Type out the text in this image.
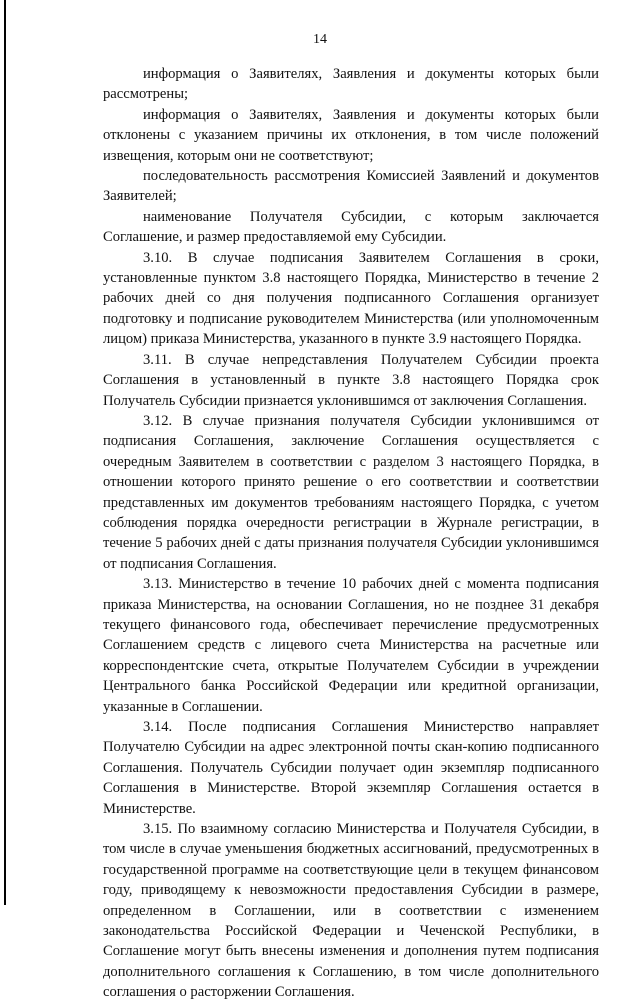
14

информация о Заявителях, Заявления и документы которых были рассмотрены;

информация о Заявителях, Заявления и документы которых были отклонены с указанием причины их отклонения, в том числе положений извещения, которым они не соответствуют;

последовательность рассмотрения Комиссией Заявлений и документов Заявителей;

наименование Получателя Субсидии, с которым заключается Соглашение, и размер предоставляемой ему Субсидии.

3.10. В случае подписания Заявителем Соглашения в сроки, установленные пунктом 3.8 настоящего Порядка, Министерство в течение 2 рабочих дней со дня получения подписанного Соглашения организует подготовку и подписание руководителем Министерства (или уполномоченным лицом) приказа Министерства, указанного в пункте 3.9 настоящего Порядка.

3.11. В случае непредставления Получателем Субсидии проекта Соглашения в установленный в пункте 3.8 настоящего Порядка срок Получатель Субсидии признается уклонившимся от заключения Соглашения.

3.12. В случае признания получателя Субсидии уклонившимся от подписания Соглашения, заключение Соглашения осуществляется с очередным Заявителем в соответствии с разделом 3 настоящего Порядка, в отношении которого принято решение о его соответствии и соответствии представленных им документов требованиям настоящего Порядка, с учетом соблюдения порядка очередности регистрации в Журнале регистрации, в течение 5 рабочих дней с даты признания получателя Субсидии уклонившимся от подписания Соглашения.

3.13. Министерство в течение 10 рабочих дней с момента подписания приказа Министерства, на основании Соглашения, но не позднее 31 декабря текущего финансового года, обеспечивает перечисление предусмотренных Соглашением средств с лицевого счета Министерства на расчетные или корреспондентские счета, открытые Получателем Субсидии в учреждении Центрального банка Российской Федерации или кредитной организации, указанные в Соглашении.

3.14. После подписания Соглашения Министерство направляет Получателю Субсидии на адрес электронной почты скан-копию подписанного Соглашения. Получатель Субсидии получает один экземпляр подписанного Соглашения в Министерстве. Второй экземпляр Соглашения остается в Министерстве.

3.15. По взаимному согласию Министерства и Получателя Субсидии, в том числе в случае уменьшения бюджетных ассигнований, предусмотренных в государственной программе на соответствующие цели в текущем финансовом году, приводящему к невозможности предоставления Субсидии в размере, определенном в Соглашении, или в соответствии с изменением законодательства Российской Федерации и Чеченской Республики, в Соглашение могут быть внесены изменения и дополнения путем подписания дополнительного соглашения к Соглашению, в том числе дополнительного соглашения о расторжении Соглашения.
